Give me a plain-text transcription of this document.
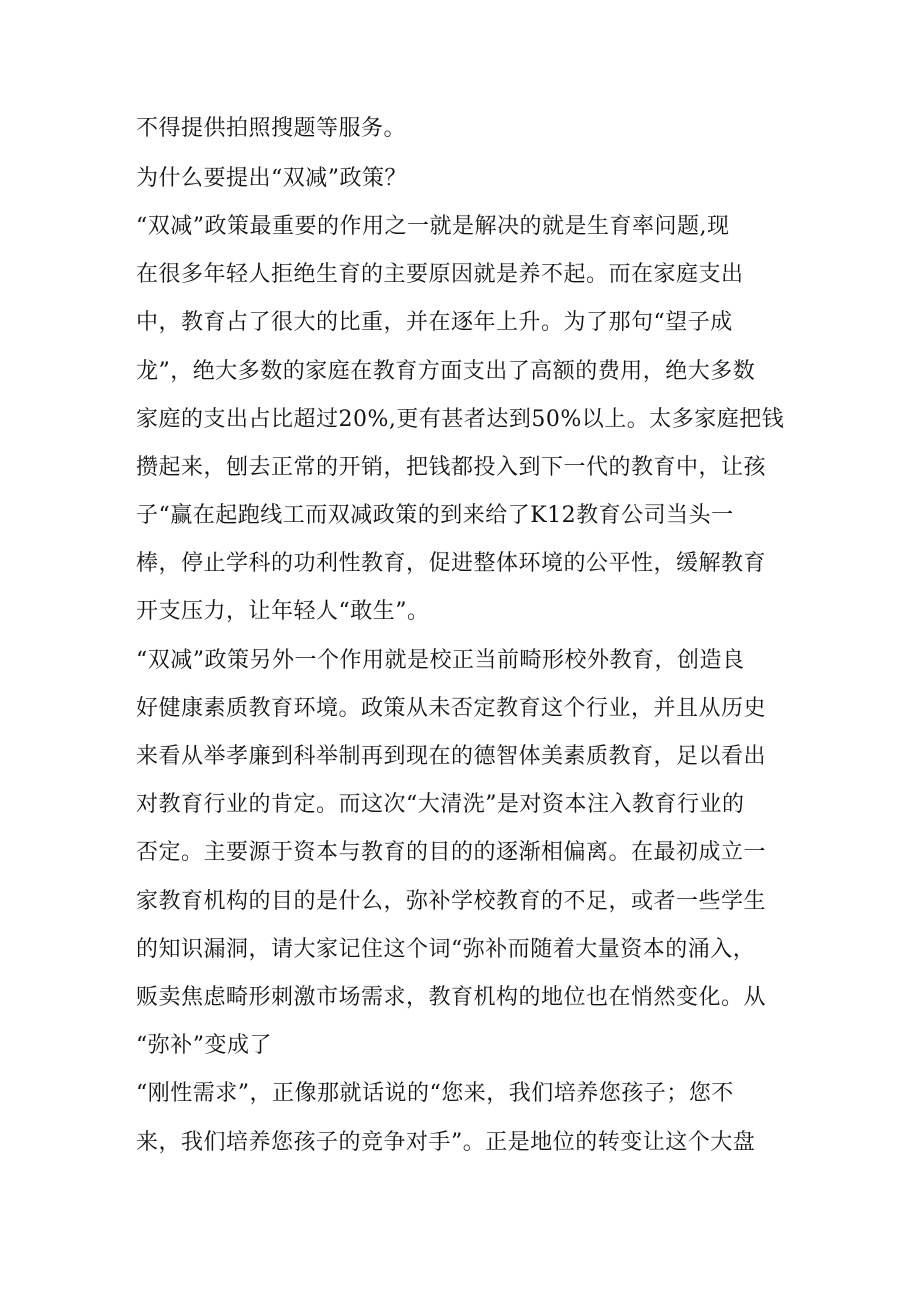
不得提供拍照搜题等服务。

为什么要提出“双减”政策？

“双减”政策最重要的作用之一就是解决的就是生育率问题,现

在很多年轻人拒绝生育的主要原因就是养不起。而在家庭支出

中，教育占了很大的比重，并在逐年上升。为了那句“望子成

龙”，绝大多数的家庭在教育方面支出了高额的费用，绝大多数

家庭的支出占比超过20%,更有甚者达到50%以上。太多家庭把钱

攒起来，刨去正常的开销，把钱都投入到下一代的教育中，让孩

子“赢在起跑线工而双减政策的到来给了K12教育公司当头一

棒，停止学科的功利性教育，促进整体环境的公平性，缓解教育

开支压力，让年轻人“敢生”。

“双减”政策另外一个作用就是校正当前畸形校外教育，创造良

好健康素质教育环境。政策从未否定教育这个行业，并且从历史

来看从举孝廉到科举制再到现在的德智体美素质教育，足以看出

对教育行业的肯定。而这次“大清洗”是对资本注入教育行业的

否定。主要源于资本与教育的目的的逐渐相偏离。在最初成立一

家教育机构的目的是什么，弥补学校教育的不足，或者一些学生

的知识漏洞，请大家记住这个词“弥补而随着大量资本的涌入，

贩卖焦虑畸形刺激市场需求，教育机构的地位也在悄然变化。从

“弥补”变成了

“刚性需求”，正像那就话说的“您来，我们培养您孩子；您不

来，我们培养您孩子的竞争对手”。正是地位的转变让这个大盘
